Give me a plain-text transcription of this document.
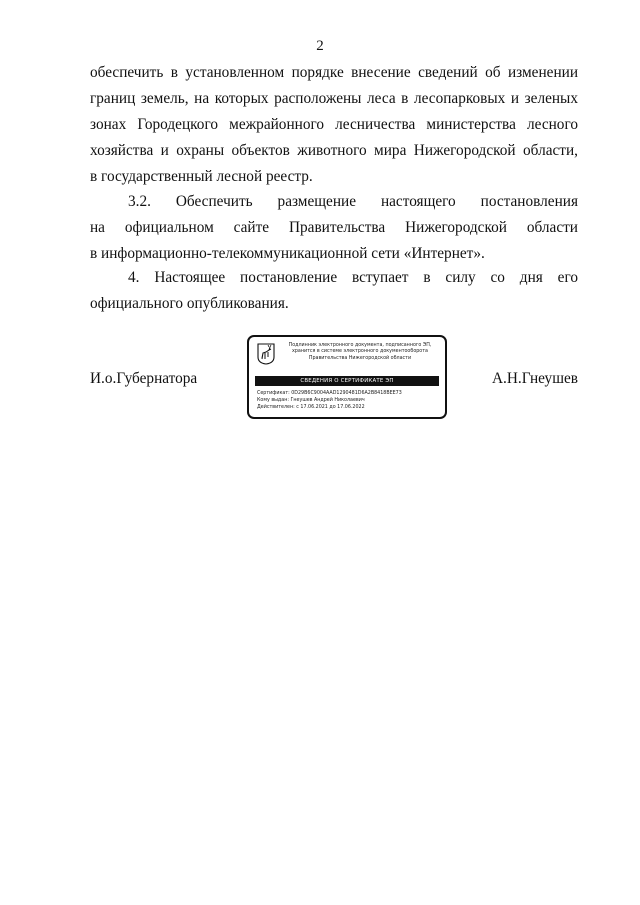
2
обеспечить в установленном порядке внесение сведений об изменении
границ земель, на которых расположены леса в лесопарковых и зеленых
зонах Городецкого межрайонного лесничества министерства лесного
хозяйства и охраны объектов животного мира Нижегородской области,
в государственный лесной реестр.
3.2. Обеспечить размещение настоящего постановления
на официальном сайте Правительства Нижегородской области
в информационно-телекоммуникационной сети «Интернет».
4. Настоящее постановление вступает в силу со дня его
официального опубликования.
И.о.Губернатора	А.Н.Гнеушев
Подлинник электронного документа, подписанного ЭП,
хранится в системе электронного документооборота
Правительства Нижегородской области
СВЕДЕНИЯ О СЕРТИФИКАТЕ ЭП
Сертификат: 0D29B6C9004AAD1290481D6A2B8418BEE73
Кому выдан: Гнеушев Андрей Николаевич
Действителен: с 17.06.2021 до 17.06.2022
